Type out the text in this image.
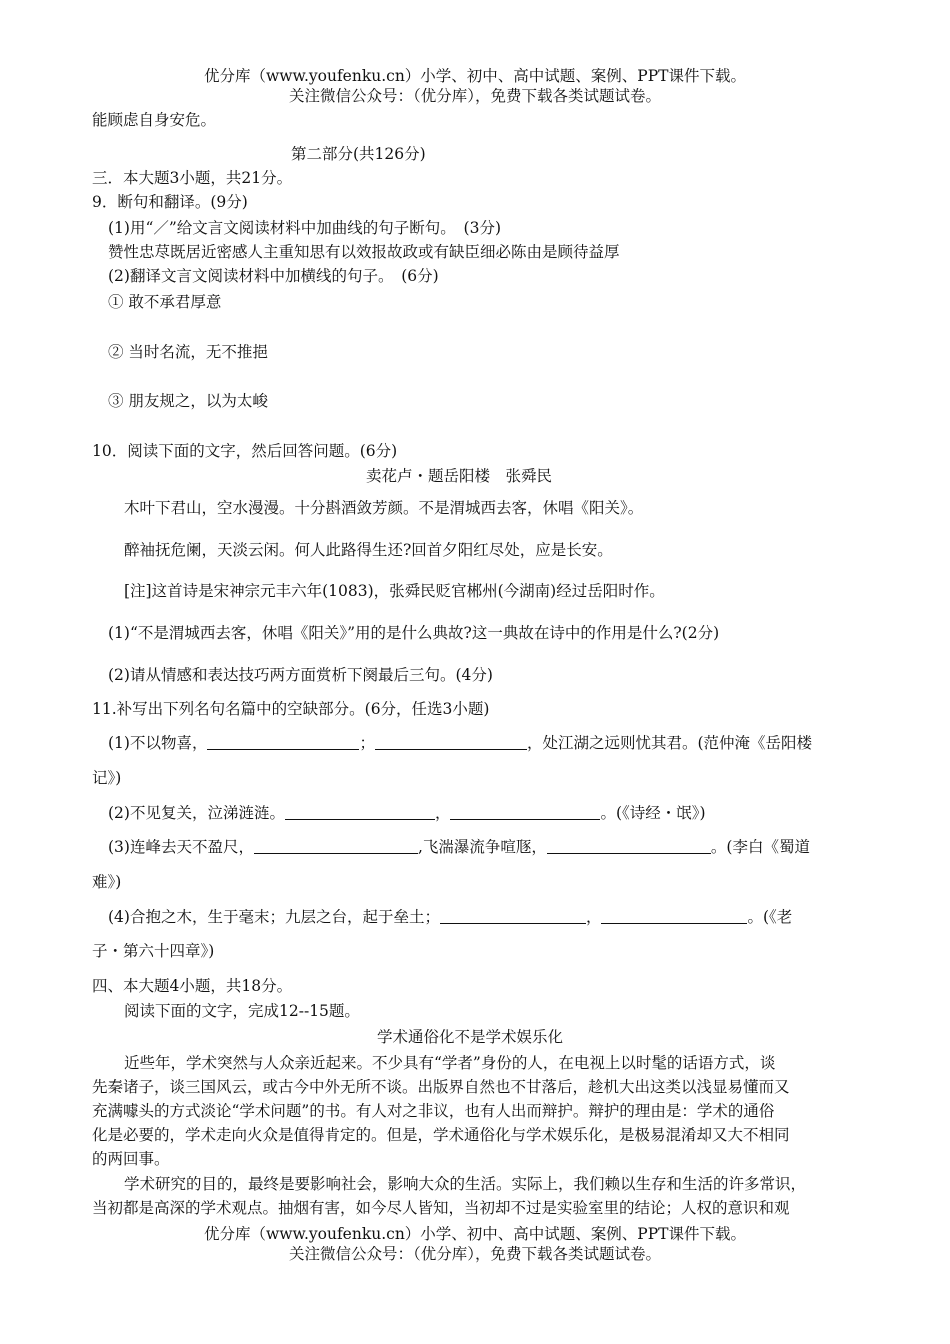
优分库（www.youfenku.cn）小学、初中、高中试题、案例、PPT课件下载。
关注微信公众号：（优分库），免费下载各类试题试卷。
能顾虑自身安危。
第二部分(共126分)
三．本大题3小题，共21分。
9．断句和翻译。(9分)
(1)用“／”给文言文阅读材料中加曲线的句子断句。　(3分)
赞性忠荩既居近密感人主重知思有以效报故政或有缺臣细必陈由是顾待益厚
(2)翻译文言文阅读材料中加横线的句子。　(6分)
① 敢不承君厚意
② 当时名流，无不推挹
③ 朋友规之，以为太峻
10．阅读下面的文字，然后回答问题。(6分)
卖花卢・题岳阳楼　张舜民
木叶下君山，空水漫漫。十分斟酒敛芳颜。不是渭城西去客，休唱《阳关》。
醉袖抚危阑，天淡云闲。何人此路得生还?回首夕阳红尽处，应是长安。
[注]这首诗是宋神宗元丰六年(1083)，张舜民贬官郴州(今湖南)经过岳阳时作。
(1)“不是渭城西去客，休唱《阳关》”用的是什么典故?这一典故在诗中的作用是什么?(2分)
(2)请从情感和表达技巧两方面赏析下阕最后三句。(4分)
11.补写出下列名句名篇中的空缺部分。(6分，任选3小题)
(1)不以物喜，	；	，处江湖之远则忧其君。(范仲淹《岳阳楼
记》)
(2)不见复关，泣涕涟涟。	，	。(《诗经・氓》)
(3)连峰去天不盈尺，	,飞湍瀑流争喧豗，	。(李白《蜀道
难》)
(4)合抱之木，生于毫末；九层之台，起于垒土；	，	。(《老
子・第六十四章》)
四、本大题4小题，共18分。
阅读下面的文字，完成12--15题。
学术通俗化不是学术娱乐化
近些年，学术突然与人众亲近起来。不少具有“学者”身份的人，在电视上以时髦的话语方式，谈
先秦诸子，谈三国风云，或古今中外无所不谈。出版界自然也不甘落后，趁机大出这类以浅显易懂而又
充满噱头的方式淡论“学术问题”的书。有人对之非议，也有人出而辩护。辩护的理由是：学术的通俗
化是必要的，学术走向火众是值得肯定的。但是，学术通俗化与学术娱乐化，是极易混淆却又大不相同
的两回事。
学术研究的目的，最终是要影响社会，影响大众的生活。实际上，我们赖以生存和生活的许多常识，
当初都是高深的学术观点。抽烟有害，如今尽人皆知，当初却不过是实验室里的结论；人权的意识和观
优分库（www.youfenku.cn）小学、初中、高中试题、案例、PPT课件下载。
关注微信公众号：（优分库），免费下载各类试题试卷。
